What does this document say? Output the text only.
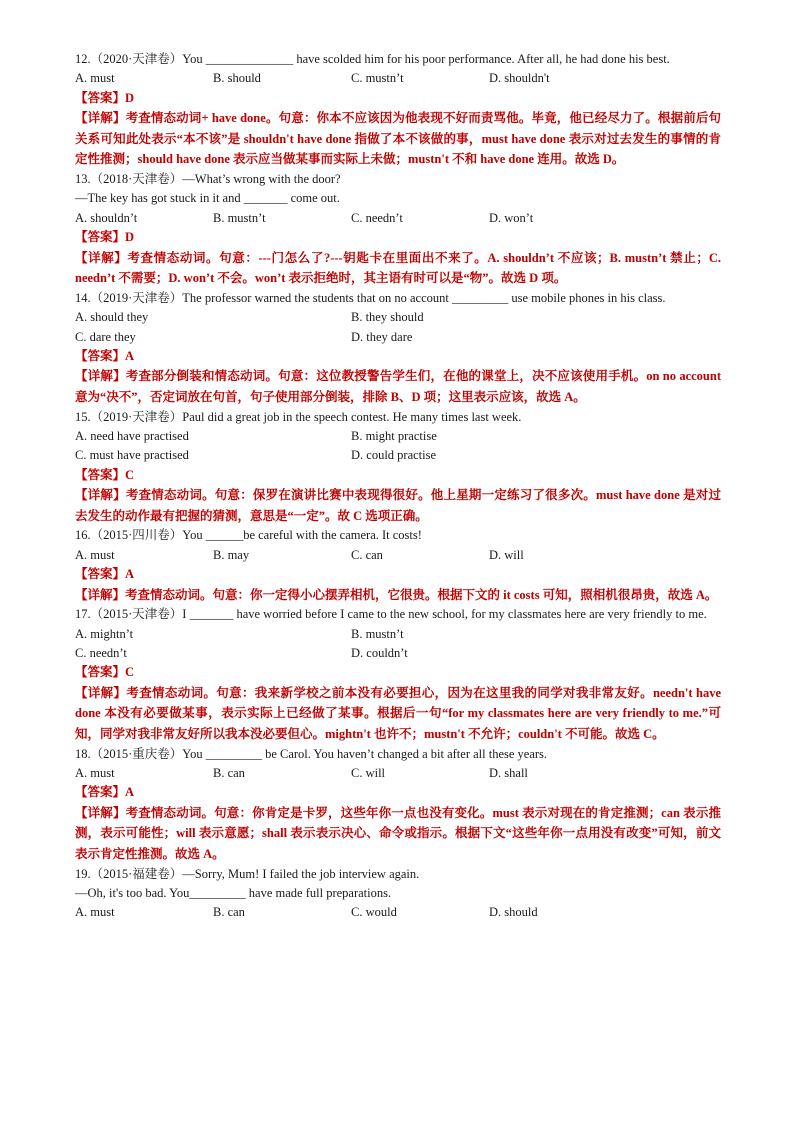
12.（2020·天津卷）You ______________ have scolded him for his poor performance. After all, he had done his best.
A. must	B. should	C. mustn’t	D. shouldn't
【答案】D
【详解】考查情态动词+ have done。句意：你本不应该因为他表现不好而责骂他。毕竟，他已经尽力了。根据前后句关系可知此处表示“本不该”是 shouldn't have done 指做了本不该做的事，must have done 表示对过去发生的事情的肯定性推测；should have done 表示应当做某事而实际上未做；mustn't 不和 have done 连用。故选 D。
13.（2018·天津卷）—What’s wrong with the door?
—The key has got stuck in it and _______ come out.
A. shouldn’t	B. mustn’t	C. needn’t	D. won’t
【答案】D
【详解】考查情态动词。句意：---门怎么了?---钥匙卡在里面出不来了。A. shouldn’t 不应该；B. mustn’t 禁止；C. needn’t 不需要；D. won’t 不会。won’t 表示拒绝时，其主语有时可以是“物”。故选 D 项。
14.（2019·天津卷）The professor warned the students that on no account _________ use mobile phones in his class.
A. should they	B. they should
C. dare they	D. they dare
【答案】A
【详解】考查部分倒装和情态动词。句意：这位教授警告学生们，在他的课堂上，决不应该使用手机。on no account 意为“决不”，否定词放在句首，句子使用部分倒装，排除 B、D 项；这里表示应该，故选 A。
15.（2019·天津卷）Paul did a great job in the speech contest. He many times last week.
A. need have practised	B. might practise
C. must have practised	D. could practise
【答案】C
【详解】考查情态动词。句意：保罗在演讲比赛中表现得很好。他上星期一定练习了很多次。must have done 是对过去发生的动作最有把握的猜测，意思是“一定”。故 C 选项正确。
16.（2015·四川卷）You ______be careful with the camera. It costs!
A. must	B. may	C. can	D. will
【答案】A
【详解】考查情态动词。句意：你一定得小心摆弄相机，它很贵。根据下文的 it costs 可知，照相机很昂贵，故选 A。
17.（2015·天津卷）I _______ have worried before I came to the new school, for my classmates here are very friendly to me.
A. mightn’t	B. mustn’t
C. needn’t	D. couldn’t
【答案】C
【详解】考查情态动词。句意：我来新学校之前本没有必要担心，因为在这里我的同学对我非常友好。needn't have done 本没有必要做某事，表示实际上已经做了某事。根据后一句“for my classmates here are very friendly to me.”可知，同学对我非常友好所以我本没必要但心。mightn't 也许不；mustn't 不允许；couldn't 不可能。故选 C。
18.（2015·重庆卷）You _________ be Carol. You haven’t changed a bit after all these years.
A. must	B. can	C. will	D. shall
【答案】A
【详解】考查情态动词。句意：你肯定是卡罗，这些年你一点也没有变化。must 表示对现在的肯定推测；can 表示推测，表示可能性；will 表示意愿；shall 表示表示决心、命令或指示。根据下文“这些年你一点用没有改变”可知，前文表示肯定性推测。故选 A。
19.（2015·福建卷）—Sorry, Mum! I failed the job interview again.
—Oh, it's too bad. You_________ have made full preparations.
A. must	B. can	C. would	D. should
